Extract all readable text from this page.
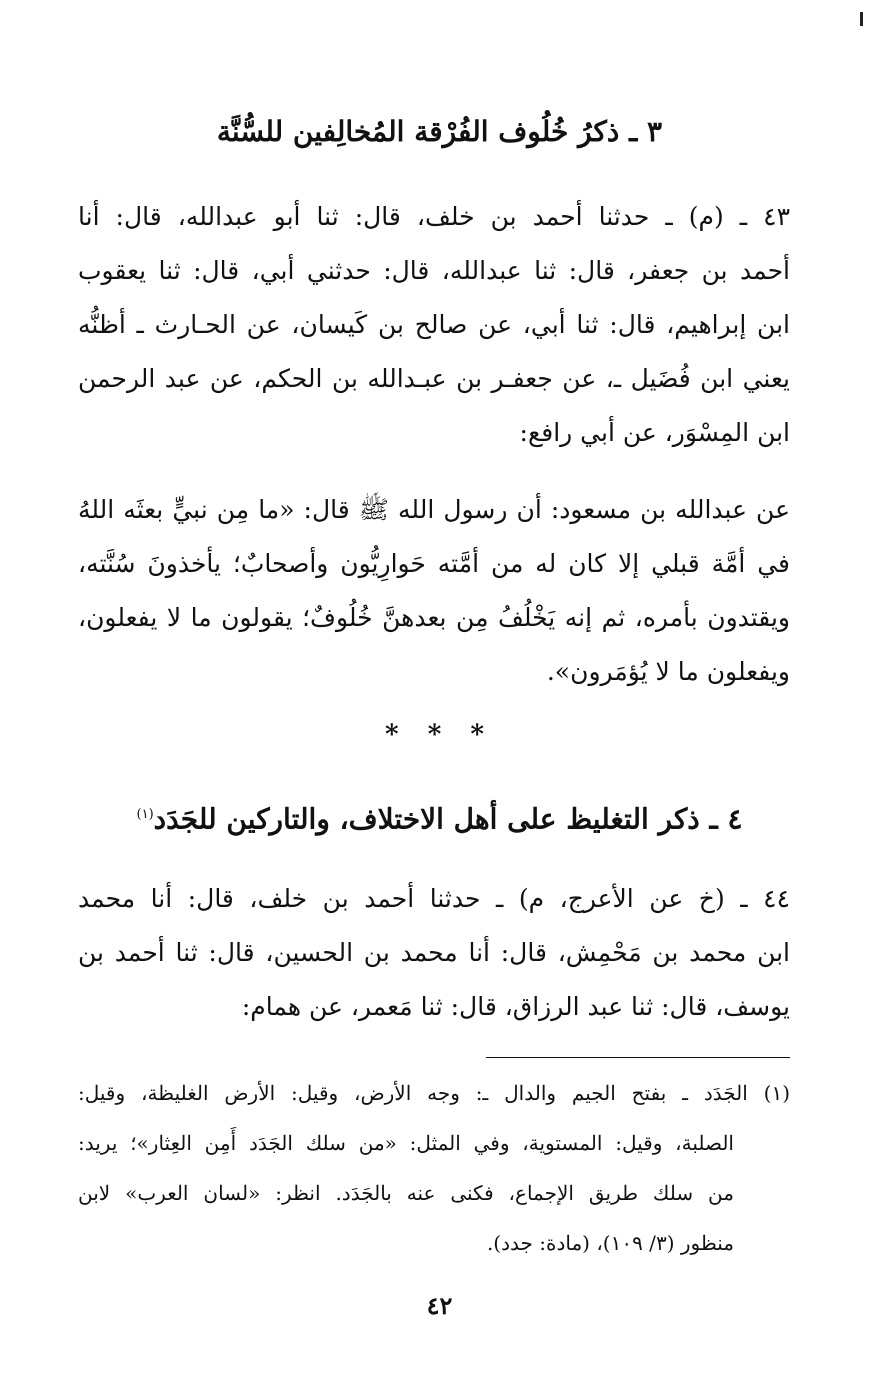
٣ ـ ذكرُ خُلُوف الفُرْقة المُخالِفين للسُّنَّة
٤٣ ـ (م) ـ حدثنا أحمد بن خلف، قال: ثنا أبو عبدالله، قال: أنا
أحمد بن جعفر، قال: ثنا عبدالله، قال: حدثني أبي، قال: ثنا يعقوب
ابن إبراهيم، قال: ثنا أبي، عن صالح بن كَيسان، عن الحـارث ـ أظنُّه
يعني ابن فُضَيل ـ، عن جعفـر بن عبـدالله بن الحكم، عن عبد الرحمن
ابن المِسْوَر، عن أبي رافع:
عن عبدالله بن مسعود: أن رسول الله ﷺ قال: «ما مِن نبيٍّ بعثَه اللهُ
في أمَّة قبلي إلا كان له من أمَّته حَوارِيُّون وأصحابٌ؛ يأخذونَ سُنَّته،
ويقتدون بأمره، ثم إنه يَخْلُفُ مِن بعدهنَّ خُلُوفٌ؛ يقولون ما لا يفعلون،
ويفعلون ما لا يُؤمَرون».
* * *
٤ ـ ذكر التغليظ على أهل الاختلاف، والتاركين للجَدَد$^{(١)}$
٤٤ ـ (خ عن الأعرج، م) ـ حدثنا أحمد بن خلف، قال: أنا محمد
ابن محمد بن مَحْمِش، قال: أنا محمد بن الحسين، قال: ثنا أحمد بن
يوسف، قال: ثنا عبد الرزاق، قال: ثنا مَعمر، عن همام:
(١) الجَدَد ـ بفتح الجيم والدال ـ: وجه الأرض، وقيل: الأرض الغليظة، وقيل:
الصلبة، وقيل: المستوية، وفي المثل: «من سلك الجَدَد أَمِن العِثار»؛ يريد:
من سلك طريق الإجماع، فكنى عنه بالجَدَد. انظر: «لسان العرب» لابن
منظور (٣/ ١٠٩)، (مادة: جدد).
٤٢
